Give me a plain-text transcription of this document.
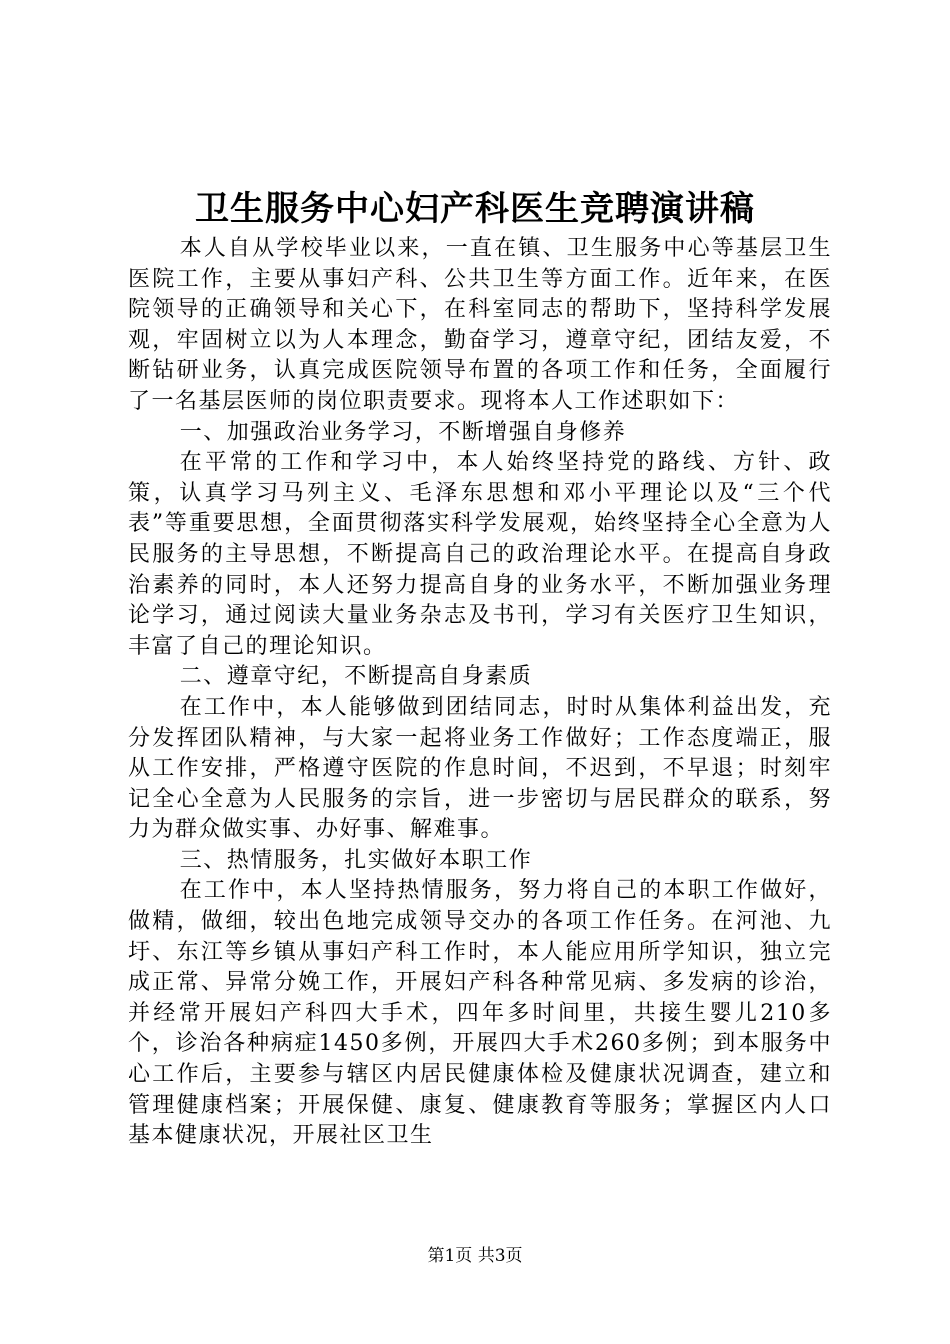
卫生服务中心妇产科医生竞聘演讲稿

本人自从学校毕业以来，一直在镇、卫生服务中心等基层卫生医院工作，主要从事妇产科、公共卫生等方面工作。近年来，在医院领导的正确领导和关心下，在科室同志的帮助下，坚持科学发展观，牢固树立以为人本理念，勤奋学习，遵章守纪，团结友爱，不断钻研业务，认真完成医院领导布置的各项工作和任务，全面履行了一名基层医师的岗位职责要求。现将本人工作述职如下：

一、加强政治业务学习，不断增强自身修养

在平常的工作和学习中，本人始终坚持党的路线、方针、政策，认真学习马列主义、毛泽东思想和邓小平理论以及“三个代表”等重要思想，全面贯彻落实科学发展观，始终坚持全心全意为人民服务的主导思想，不断提高自己的政治理论水平。在提高自身政治素养的同时，本人还努力提高自身的业务水平，不断加强业务理论学习，通过阅读大量业务杂志及书刊，学习有关医疗卫生知识，丰富了自己的理论知识。

二、遵章守纪，不断提高自身素质

在工作中，本人能够做到团结同志，时时从集体利益出发，充分发挥团队精神，与大家一起将业务工作做好；工作态度端正，服从工作安排，严格遵守医院的作息时间，不迟到，不早退；时刻牢记全心全意为人民服务的宗旨，进一步密切与居民群众的联系，努力为群众做实事、办好事、解难事。

三、热情服务，扎实做好本职工作

在工作中，本人坚持热情服务，努力将自己的本职工作做好，做精，做细，较出色地完成领导交办的各项工作任务。在河池、九圩、东江等乡镇从事妇产科工作时，本人能应用所学知识，独立完成正常、异常分娩工作，开展妇产科各种常见病、多发病的诊治，并经常开展妇产科四大手术，四年多时间里，共接生婴儿210多个，诊治各种病症1450多例，开展四大手术260多例；到本服务中心工作后，主要参与辖区内居民健康体检及健康状况调查，建立和管理健康档案；开展保健、康复、健康教育等服务；掌握区内人口基本健康状况，开展社区卫生

第1页 共3页
